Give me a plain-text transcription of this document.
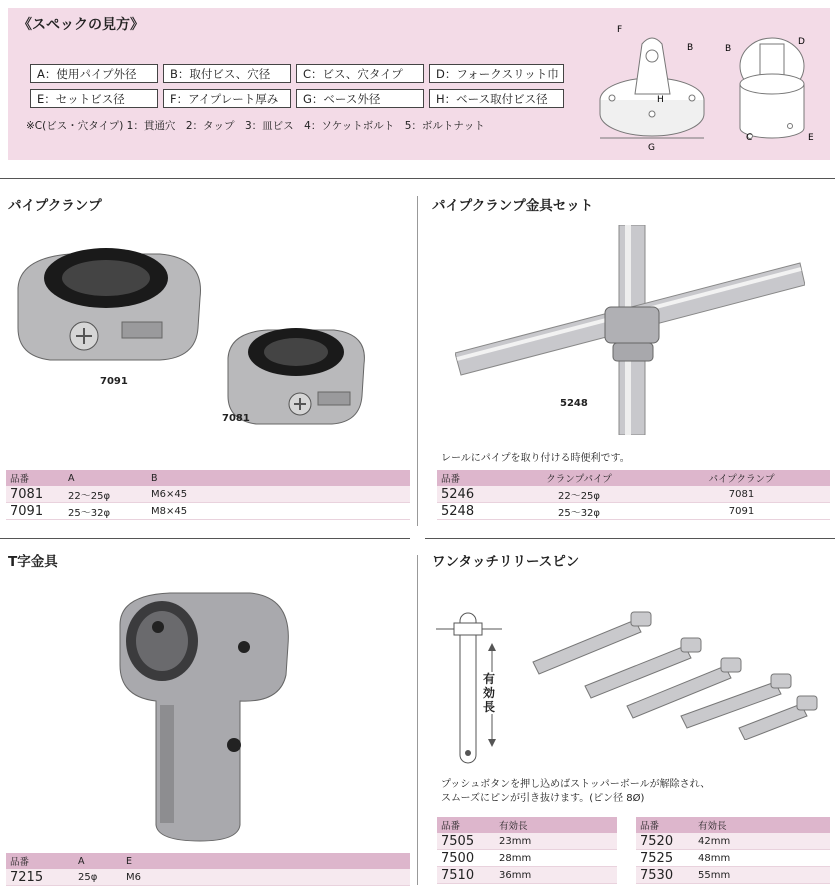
《スペックの見方》
A：使用パイプ外径	B：取付ビス、穴径	C：ビス、穴タイプ	D：フォークスリット巾
E：セットビス径	F：アイプレート厚み	G：ベース外径	H：ベース取付ビス径
※C(ビス・穴タイプ) 1：貫通穴　2：タップ　3：皿ビス　4：ソケットボルト　5：ボルトナット
F
B
H
G
B
D
C	E
パイプクランプ
7091
7081
品番	A	B
7081	22～25φ	M6×45
7091	25～32φ	M8×45
パイプクランプ金具セット
5248
レールにパイプを取り付ける時便利です。
品番	クランプパイプ	パイプクランプ
5246	22～25φ	7081
5248	25～32φ	7091
T字金具
品番	A	E
7215	25φ	M6
ワンタッチリリースピン
有効長
プッシュボタンを押し込めばストッパーボールが解除され、
スムーズにピンが引き抜けます。(ピン径 8Ø)
品番	有効長
7505	23mm
7500	28mm
7510	36mm
品番	有効長
7520	42mm
7525	48mm
7530	55mm
